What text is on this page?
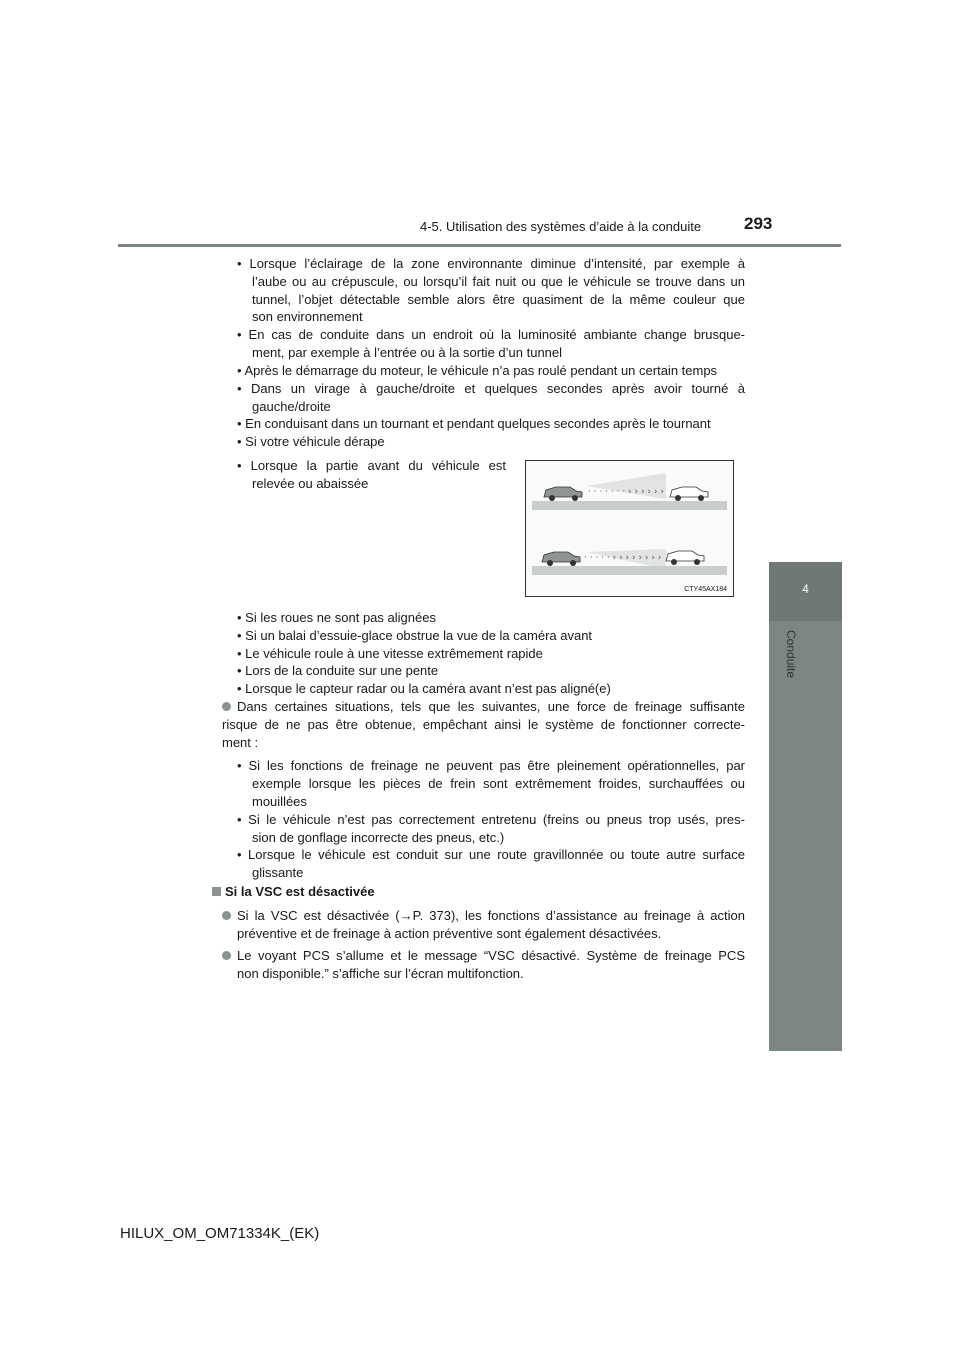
4-5. Utilisation des systèmes d’aide à la conduite	293
4
Conduite
• Lorsque l’éclairage de la zone environnante diminue d’intensité, par exemple à
l’aube ou au crépuscule, ou lorsqu’il fait nuit ou que le véhicule se trouve dans un
tunnel, l’objet détectable semble alors être quasiment de la même couleur que
son environnement
• En cas de conduite dans un endroit où la luminosité ambiante change brusque-
ment, par exemple à l’entrée ou à la sortie d’un tunnel
• Après le démarrage du moteur, le véhicule n’a pas roulé pendant un certain temps
• Dans un virage à gauche/droite et quelques secondes après avoir tourné à
gauche/droite
• En conduisant dans un tournant et pendant quelques secondes après le tournant
• Si votre véhicule dérape
• Lorsque la partie avant du véhicule est
relevée ou abaissée
· · · · · · · › › › › › ›
· · · · · › › › › › › › ›
CTY45AX184
• Si les roues ne sont pas alignées
• Si un balai d’essuie-glace obstrue la vue de la caméra avant
• Le véhicule roule à une vitesse extrêmement rapide
• Lors de la conduite sur une pente
• Lorsque le capteur radar ou la caméra avant n’est pas aligné(e)
Dans certaines situations, tels que les suivantes, une force de freinage suffisante
risque de ne pas être obtenue, empêchant ainsi le système de fonctionner correcte-
ment :
• Si les fonctions de freinage ne peuvent pas être pleinement opérationnelles, par
exemple lorsque les pièces de frein sont extrêmement froides, surchauffées ou
mouillées
• Si le véhicule n’est pas correctement entretenu (freins ou pneus trop usés, pres-
sion de gonflage incorrecte des pneus, etc.)
• Lorsque le véhicule est conduit sur une route gravillonnée ou toute autre surface
glissante
Si la VSC est désactivée
Si la VSC est désactivée (→P. 373), les fonctions d’assistance au freinage à action
préventive et de freinage à action préventive sont également désactivées.
Le voyant PCS s’allume et le message “VSC désactivé. Système de freinage PCS
non disponible.” s’affiche sur l’écran multifonction.
HILUX_OM_OM71334K_(EK)
